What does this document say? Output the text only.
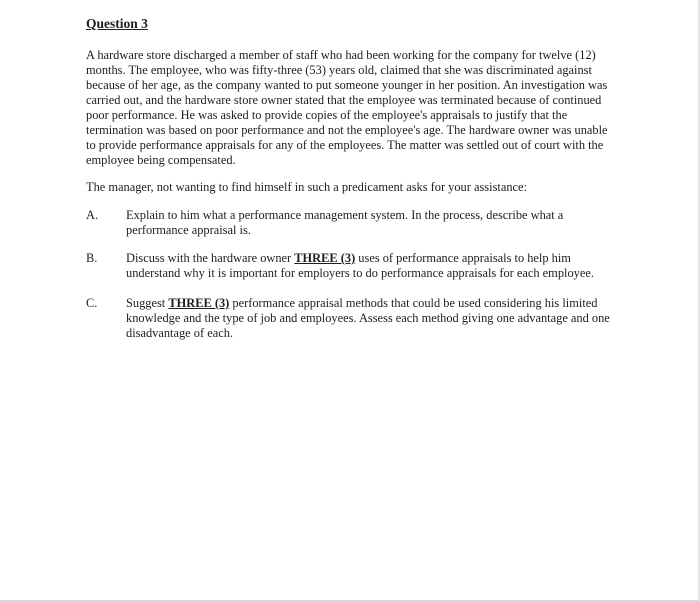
Question 3

A hardware store discharged a member of staff who had been working for the company for twelve (12) months. The employee, who was fifty-three (53) years old, claimed that she was discriminated against because of her age, as the company wanted to put someone younger in her position. An investigation was carried out, and the hardware store owner stated that the employee was terminated because of continued poor performance. He was asked to provide copies of the employee's appraisals to justify that the termination was based on poor performance and not the employee's age. The hardware owner was unable to provide performance appraisals for any of the employees. The matter was settled out of court with the employee being compensated.

The manager, not wanting to find himself in such a predicament asks for your assistance:

A.	Explain to him what a performance management system. In the process, describe what a performance appraisal is.
B.	Discuss with the hardware owner THREE (3) uses of performance appraisals to help him understand why it is important for employers to do performance appraisals for each employee.
C.	Suggest THREE (3) performance appraisal methods that could be used considering his limited knowledge and the type of job and employees. Assess each method giving one advantage and one disadvantage of each.
